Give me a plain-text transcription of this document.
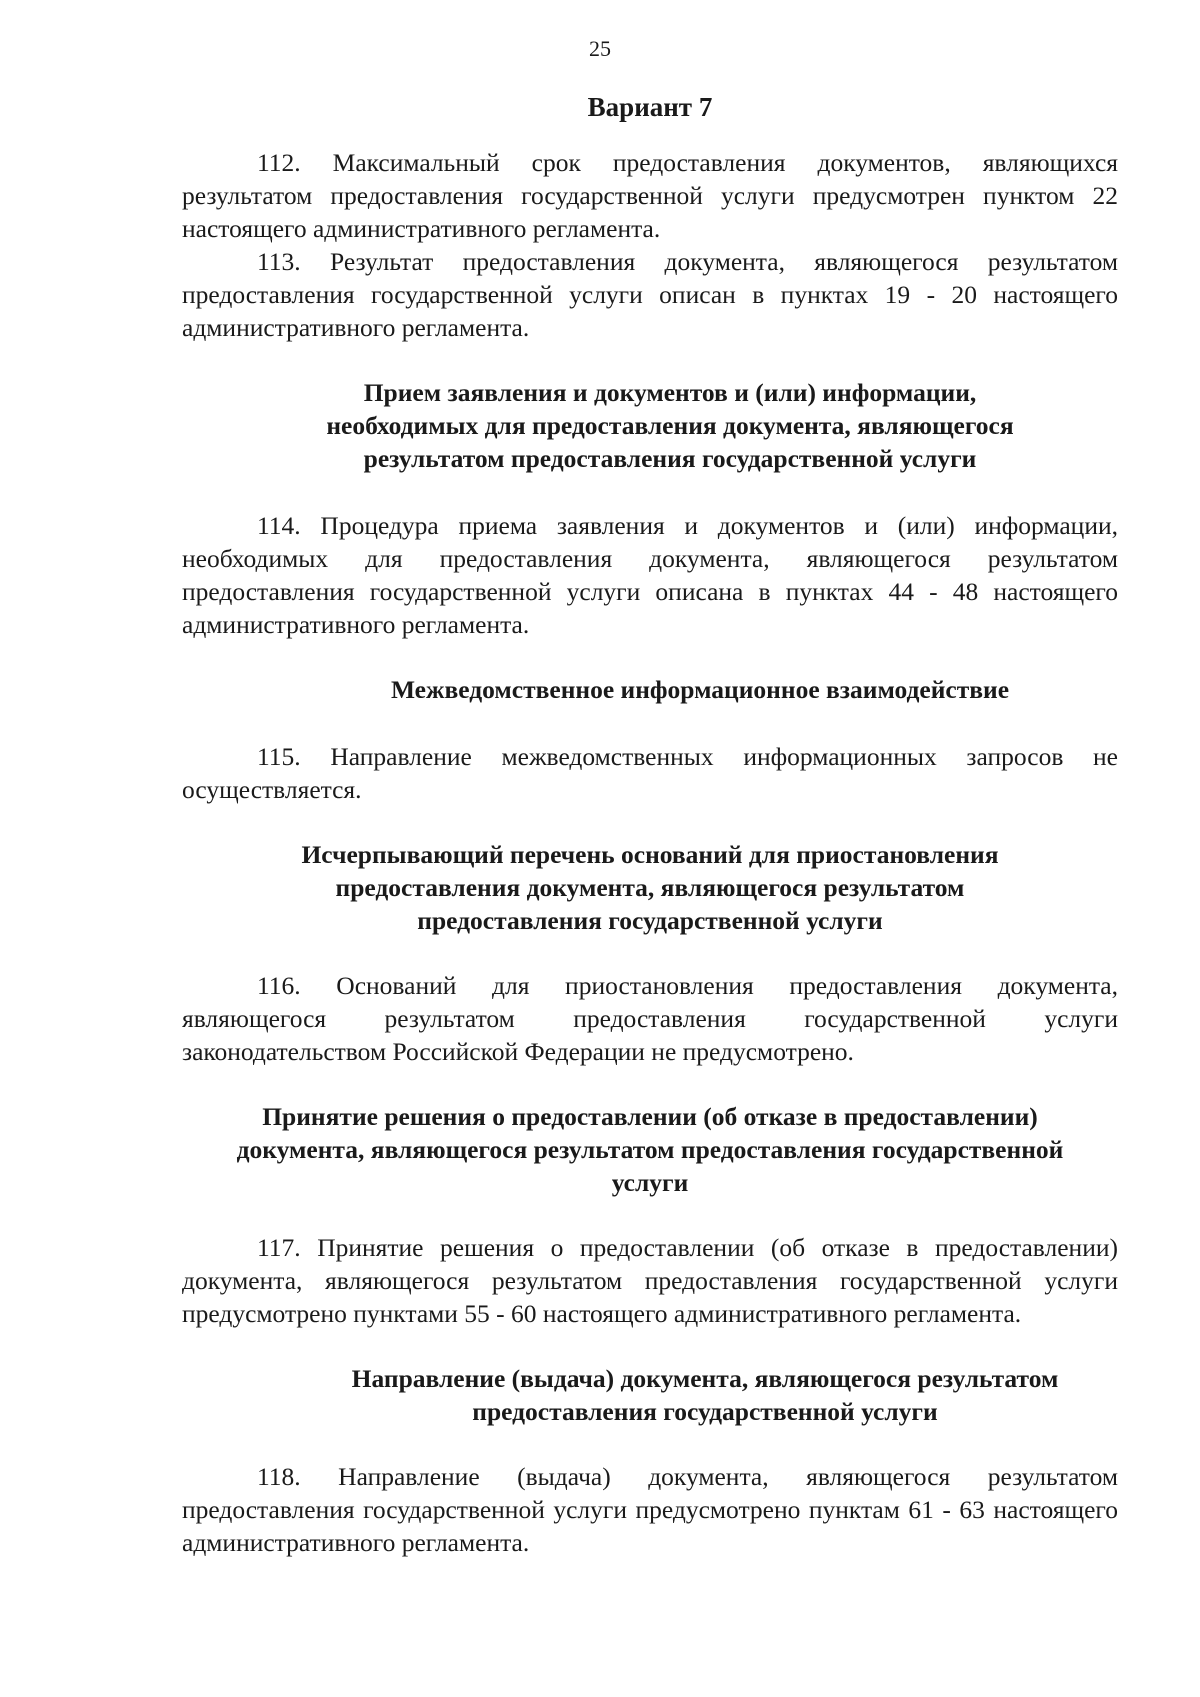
25
Вариант 7

112. Максимальный срок предоставления документов, являющихся результатом предоставления государственной услуги предусмотрен пунктом 22 настоящего административного регламента.

113. Результат предоставления документа, являющегося результатом предоставления государственной услуги описан в пунктах 19 - 20 настоящего административного регламента.

Прием заявления и документов и (или) информации,
необходимых для предоставления документа, являющегося
результатом предоставления государственной услуги

114. Процедура приема заявления и документов и (или) информации, необходимых для предоставления документа, являющегося результатом предоставления государственной услуги описана в пунктах 44 - 48 настоящего административного регламента.

Межведомственное информационное взаимодействие

115. Направление межведомственных информационных запросов не осуществляется.

Исчерпывающий перечень оснований для приостановления
предоставления документа, являющегося результатом
предоставления государственной услуги

116. Оснований для приостановления предоставления документа, являющегося результатом предоставления государственной услуги законодательством Российской Федерации не предусмотрено.

Принятие решения о предоставлении (об отказе в предоставлении)
документа, являющегося результатом предоставления государственной
услуги

117. Принятие решения о предоставлении (об отказе в предоставлении) документа, являющегося результатом предоставления государственной услуги предусмотрено пунктами 55 - 60 настоящего административного регламента.

Направление (выдача) документа, являющегося результатом
предоставления государственной услуги

118. Направление (выдача) документа, являющегося результатом предоставления государственной услуги предусмотрено пунктам 61 - 63 настоящего административного регламента.
